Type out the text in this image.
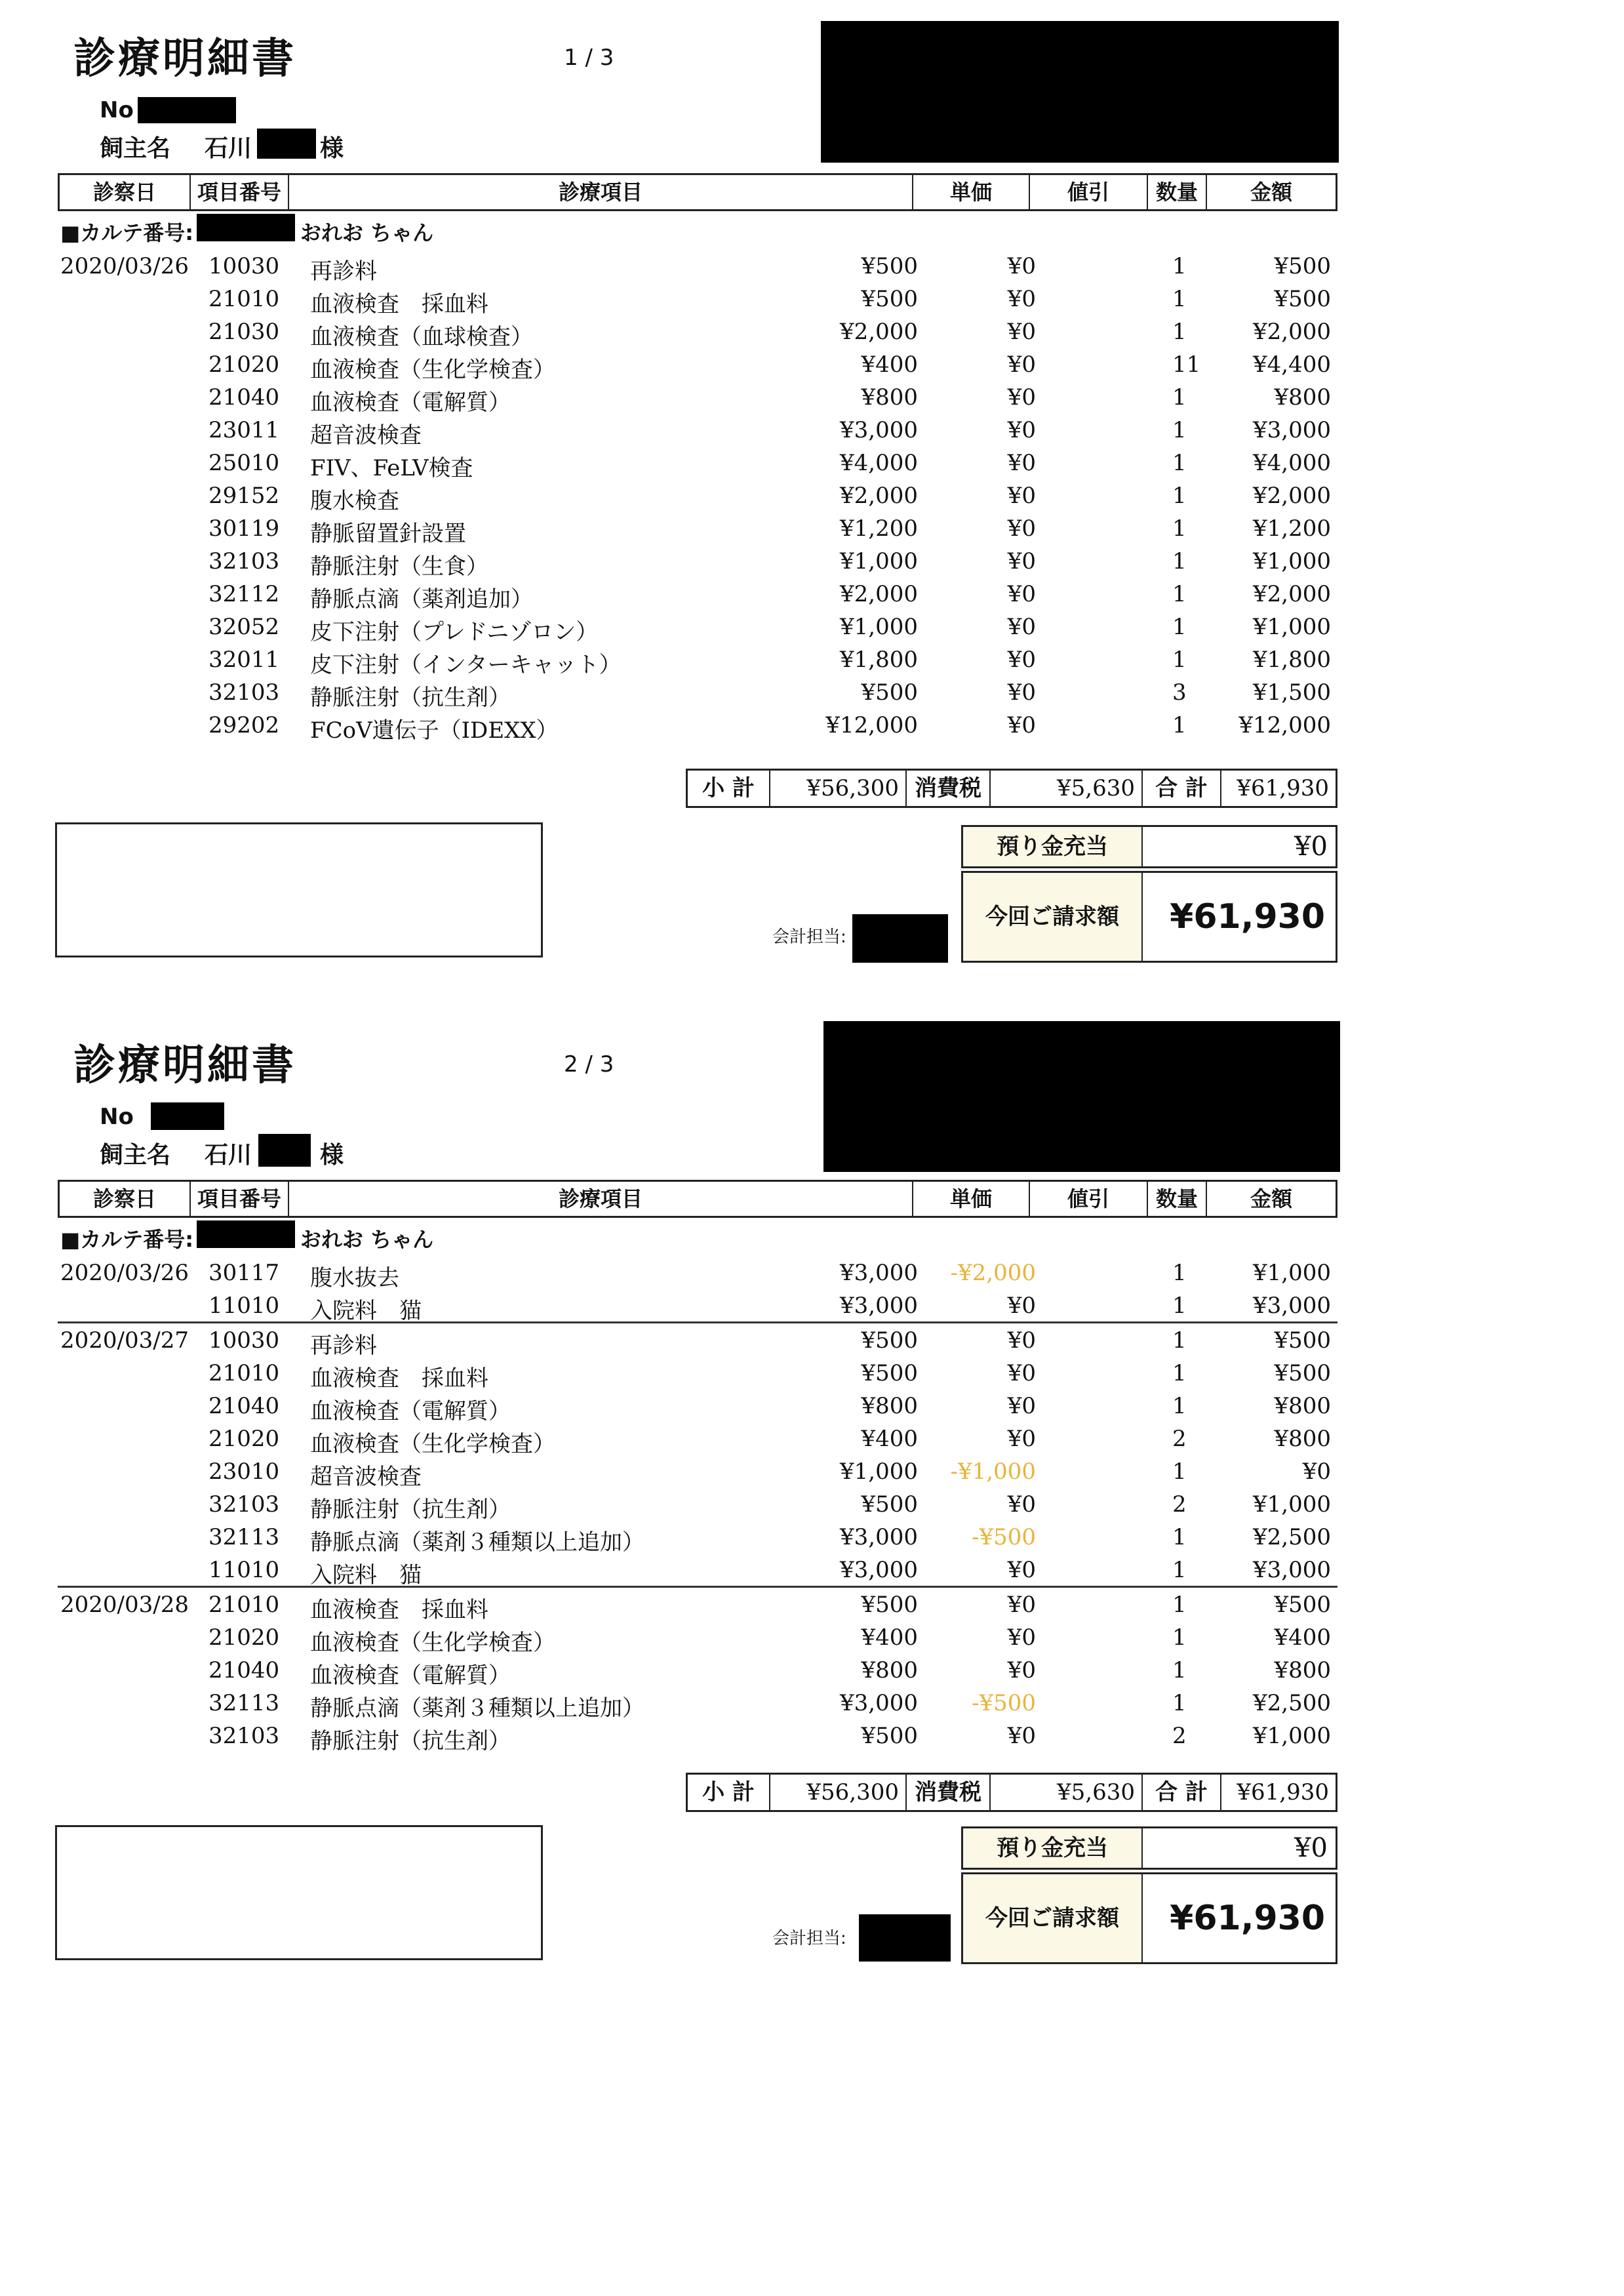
診療明細書	1 / 3
No
飼主名 石川	様
診察日	項目番号	診療項目	単価	値引	数量	金額
■カルテ番号:	おれお ちゃん
2020/03/26 10030 再診料	¥500	¥0	1	¥500
21010 血液検査　採血料	¥500	¥0	1	¥500
21030 血液検査（血球検査）	¥2,000	¥0	1	¥2,000
21020 血液検査（生化学検査）	¥400	¥0	11 ¥4,400
21040 血液検査（電解質）	¥800	¥0	1	¥800
23011 超音波検査	¥3,000	¥0	1	¥3,000
25010 FIV、FeLV検査	¥4,000	¥0	1	¥4,000
29152 腹水検査	¥2,000	¥0	1	¥2,000
30119 静脈留置針設置	¥1,200	¥0	1	¥1,200
32103 静脈注射（生食）	¥1,000	¥0	1	¥1,000
32112 静脈点滴（薬剤追加）	¥2,000	¥0	1	¥2,000
32052 皮下注射（プレドニゾロン）	¥1,000	¥0	1	¥1,000
32011 皮下注射（インターキャット）	¥1,800	¥0	1	¥1,800
32103 静脈注射（抗生剤）	¥500	¥0	3	¥1,500
29202 FCoV遺伝子（IDEXX）	¥12,000	¥0	1 ¥12,000
小 計	¥56,300 消費税	¥5,630 合 計	¥61,930
会計担当:
預り金充当	¥0
今回ご請求額	¥61,930
診療明細書	2 / 3
No
飼主名 石川	様
診察日	項目番号	診療項目	単価	値引	数量	金額
■カルテ番号:	おれお ちゃん
2020/03/26 30117 腹水抜去	¥3,000 -¥2,000	1	¥1,000
11010 入院料　猫	¥3,000	¥0	1	¥3,000
2020/03/27 10030 再診料	¥500	¥0	1	¥500
21010 血液検査　採血料	¥500	¥0	1	¥500
21040 血液検査（電解質）	¥800	¥0	1	¥800
21020 血液検査（生化学検査）	¥400	¥0	2	¥800
23010 超音波検査	¥1,000 -¥1,000	1	¥0
32103 静脈注射（抗生剤）	¥500	¥0	2	¥1,000
32113 静脈点滴（薬剤３種類以上追加）	¥3,000 -¥500	1	¥2,500
11010 入院料　猫	¥3,000	¥0	1	¥3,000
2020/03/28 21010 血液検査　採血料	¥500	¥0	1	¥500
21020 血液検査（生化学検査）	¥400	¥0	1	¥400
21040 血液検査（電解質）	¥800	¥0	1	¥800
32113 静脈点滴（薬剤３種類以上追加）	¥3,000 -¥500	1	¥2,500
32103 静脈注射（抗生剤）	¥500	¥0	2	¥1,000
小 計	¥56,300 消費税	¥5,630 合 計	¥61,930
会計担当:
預り金充当	¥0
今回ご請求額	¥61,930
